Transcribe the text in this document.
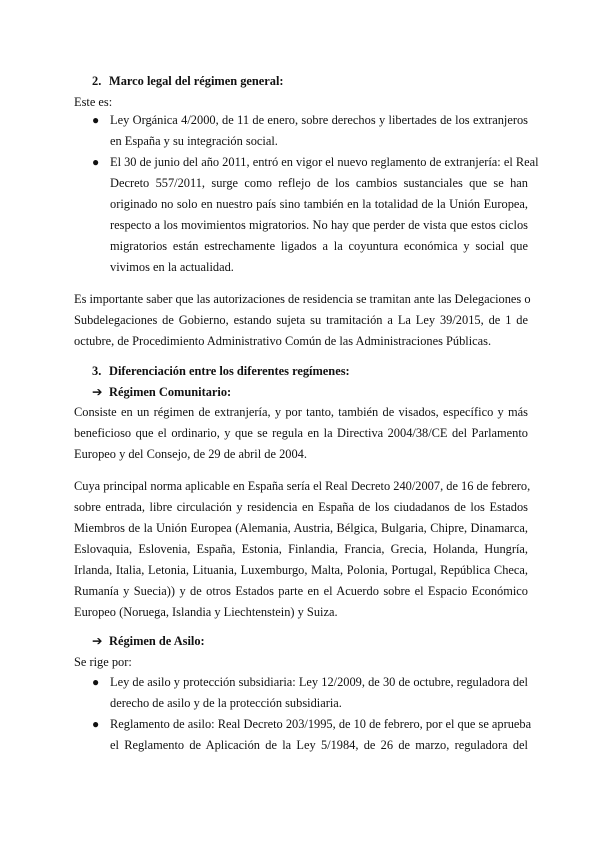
2. Marco legal del régimen general:
Este es:
● Ley Orgánica 4/2000, de 11 de enero, sobre derechos y libertades de los extranjeros
en España y su integración social.
● El 30 de junio del año 2011, entró en vigor el nuevo reglamento de extranjería: el Real
Decreto 557/2011, surge como reflejo de los cambios sustanciales que se han
originado no solo en nuestro país sino también en la totalidad de la Unión Europea,
respecto a los movimientos migratorios. No hay que perder de vista que estos ciclos
migratorios están estrechamente ligados a la coyuntura económica y social que
vivimos en la actualidad.
Es importante saber que las autorizaciones de residencia se tramitan ante las Delegaciones o
Subdelegaciones de Gobierno, estando sujeta su tramitación a La Ley 39/2015, de 1 de
octubre, de Procedimiento Administrativo Común de las Administraciones Públicas.
3. Diferenciación entre los diferentes regímenes:
➔ Régimen Comunitario:
Consiste en un régimen de extranjería, y por tanto, también de visados, específico y más
beneficioso que el ordinario, y que se regula en la Directiva 2004/38/CE del Parlamento
Europeo y del Consejo, de 29 de abril de 2004.
Cuya principal norma aplicable en España sería el Real Decreto 240/2007, de 16 de febrero,
sobre entrada, libre circulación y residencia en España de los ciudadanos de los Estados
Miembros de la Unión Europea (Alemania, Austria, Bélgica, Bulgaria, Chipre, Dinamarca,
Eslovaquia, Eslovenia, España, Estonia, Finlandia, Francia, Grecia, Holanda, Hungría,
Irlanda, Italia, Letonia, Lituania, Luxemburgo, Malta, Polonia, Portugal, República Checa,
Rumanía y Suecia)) y de otros Estados parte en el Acuerdo sobre el Espacio Económico
Europeo (Noruega, Islandia y Liechtenstein) y Suiza.
➔ Régimen de Asilo:
Se rige por:
● Ley de asilo y protección subsidiaria: Ley 12/2009, de 30 de octubre, reguladora del
derecho de asilo y de la protección subsidiaria.
● Reglamento de asilo: Real Decreto 203/1995, de 10 de febrero, por el que se aprueba
el Reglamento de Aplicación de la Ley 5/1984, de 26 de marzo, reguladora del
